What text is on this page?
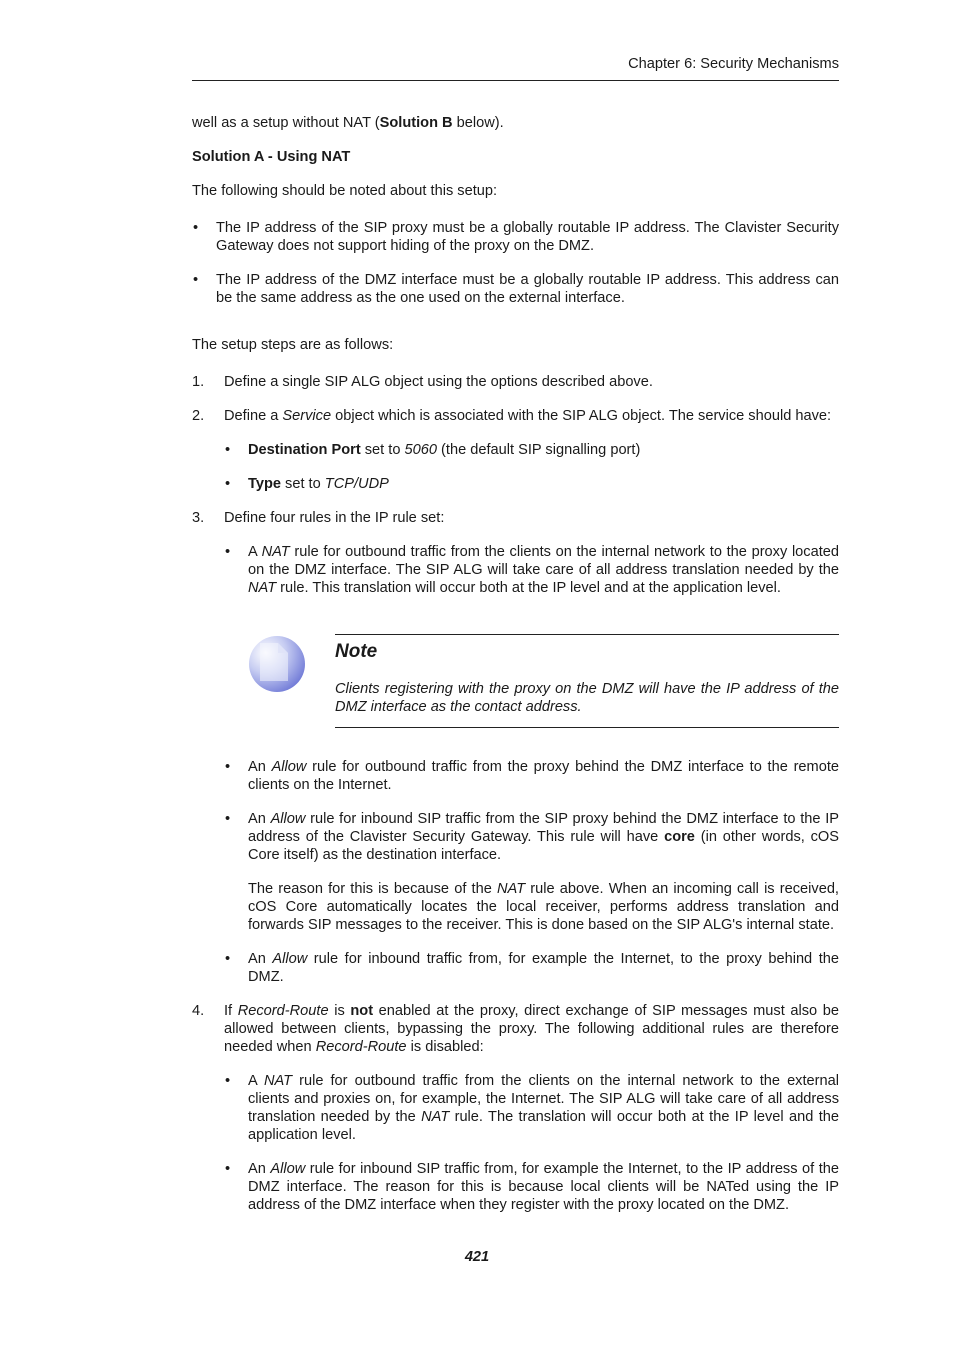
Chapter 6: Security Mechanisms

well as a setup without NAT (Solution B below).

Solution A - Using NAT

The following should be noted about this setup:

• The IP address of the SIP proxy must be a globally routable IP address. The Clavister Security Gateway does not support hiding of the proxy on the DMZ.

• The IP address of the DMZ interface must be a globally routable IP address. This address can be the same address as the one used on the external interface.

The setup steps are as follows:

1. Define a single SIP ALG object using the options described above.

2. Define a Service object which is associated with the SIP ALG object. The service should have:

• Destination Port set to 5060 (the default SIP signalling port)

• Type set to TCP/UDP

3. Define four rules in the IP rule set:

• A NAT rule for outbound traffic from the clients on the internal network to the proxy located on the DMZ interface. The SIP ALG will take care of all address translation needed by the NAT rule. This translation will occur both at the IP level and at the application level.

Note

Clients registering with the proxy on the DMZ will have the IP address of the DMZ interface as the contact address.

• An Allow rule for outbound traffic from the proxy behind the DMZ interface to the remote clients on the Internet.

• An Allow rule for inbound SIP traffic from the SIP proxy behind the DMZ interface to the IP address of the Clavister Security Gateway. This rule will have core (in other words, cOS Core itself) as the destination interface.

The reason for this is because of the NAT rule above. When an incoming call is received, cOS Core automatically locates the local receiver, performs address translation and forwards SIP messages to the receiver. This is done based on the SIP ALG's internal state.

• An Allow rule for inbound traffic from, for example the Internet, to the proxy behind the DMZ.

4. If Record-Route is not enabled at the proxy, direct exchange of SIP messages must also be allowed between clients, bypassing the proxy. The following additional rules are therefore needed when Record-Route is disabled:

• A NAT rule for outbound traffic from the clients on the internal network to the external clients and proxies on, for example, the Internet. The SIP ALG will take care of all address translation needed by the NAT rule. The translation will occur both at the IP level and the application level.

• An Allow rule for inbound SIP traffic from, for example the Internet, to the IP address of the DMZ interface. The reason for this is because local clients will be NATed using the IP address of the DMZ interface when they register with the proxy located on the DMZ.

421
